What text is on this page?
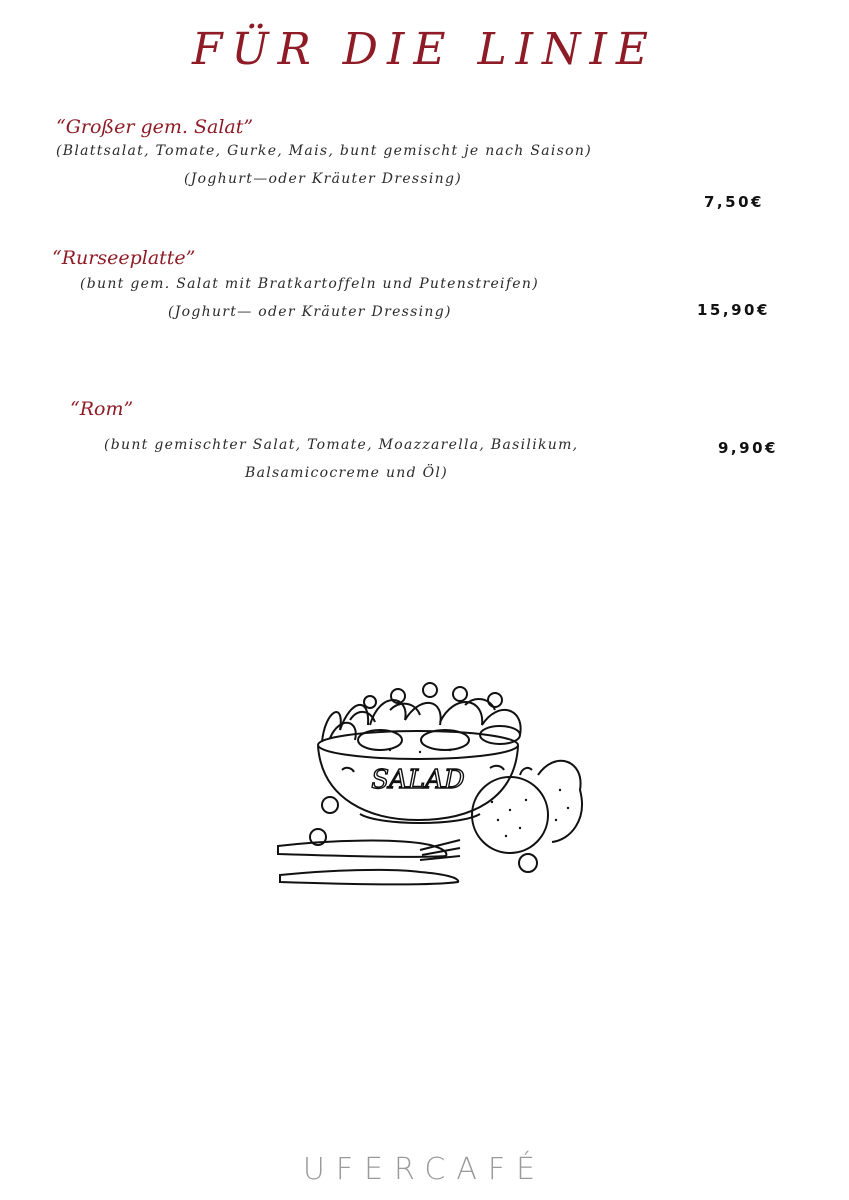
FÜR DIE LINIE
“Großer gem. Salat”
(Blattsalat, Tomate, Gurke, Mais, bunt gemischt je nach Saison)
(Joghurt—oder Kräuter Dressing)
7,50€
“Rurseeplatte”
(bunt gem. Salat mit Bratkartoffeln und Putenstreifen)
(Joghurt— oder Kräuter Dressing)	15,90€
“Rom”
(bunt gemischter Salat, Tomate, Moazzarella, Basilikum,
Balsamicocreme und Öl)
9,90€
SALAD
UFERCAFÉ
